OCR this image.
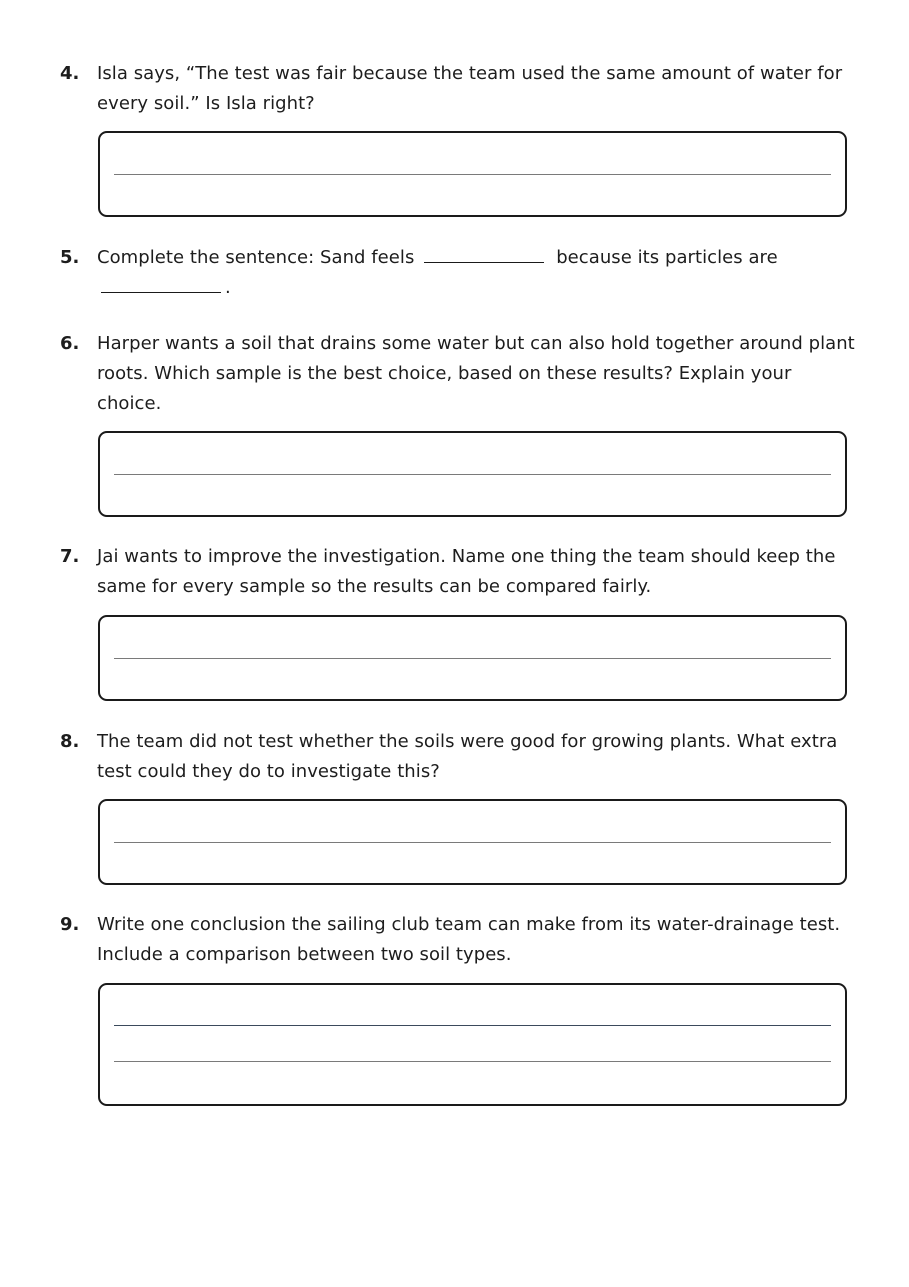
4. Isla says, “The test was fair because the team used the same amount of water for every soil.” Is Isla right?
5. Complete the sentence: Sand feels	because its particles are
.
6. Harper wants a soil that drains some water but can also hold together around plant roots. Which sample is the best choice, based on these results? Explain your choice.
7. Jai wants to improve the investigation. Name one thing the team should keep the same for every sample so the results can be compared fairly.
8. The team did not test whether the soils were good for growing plants. What extra test could they do to investigate this?
9. Write one conclusion the sailing club team can make from its water-drainage test. Include a comparison between two soil types.
